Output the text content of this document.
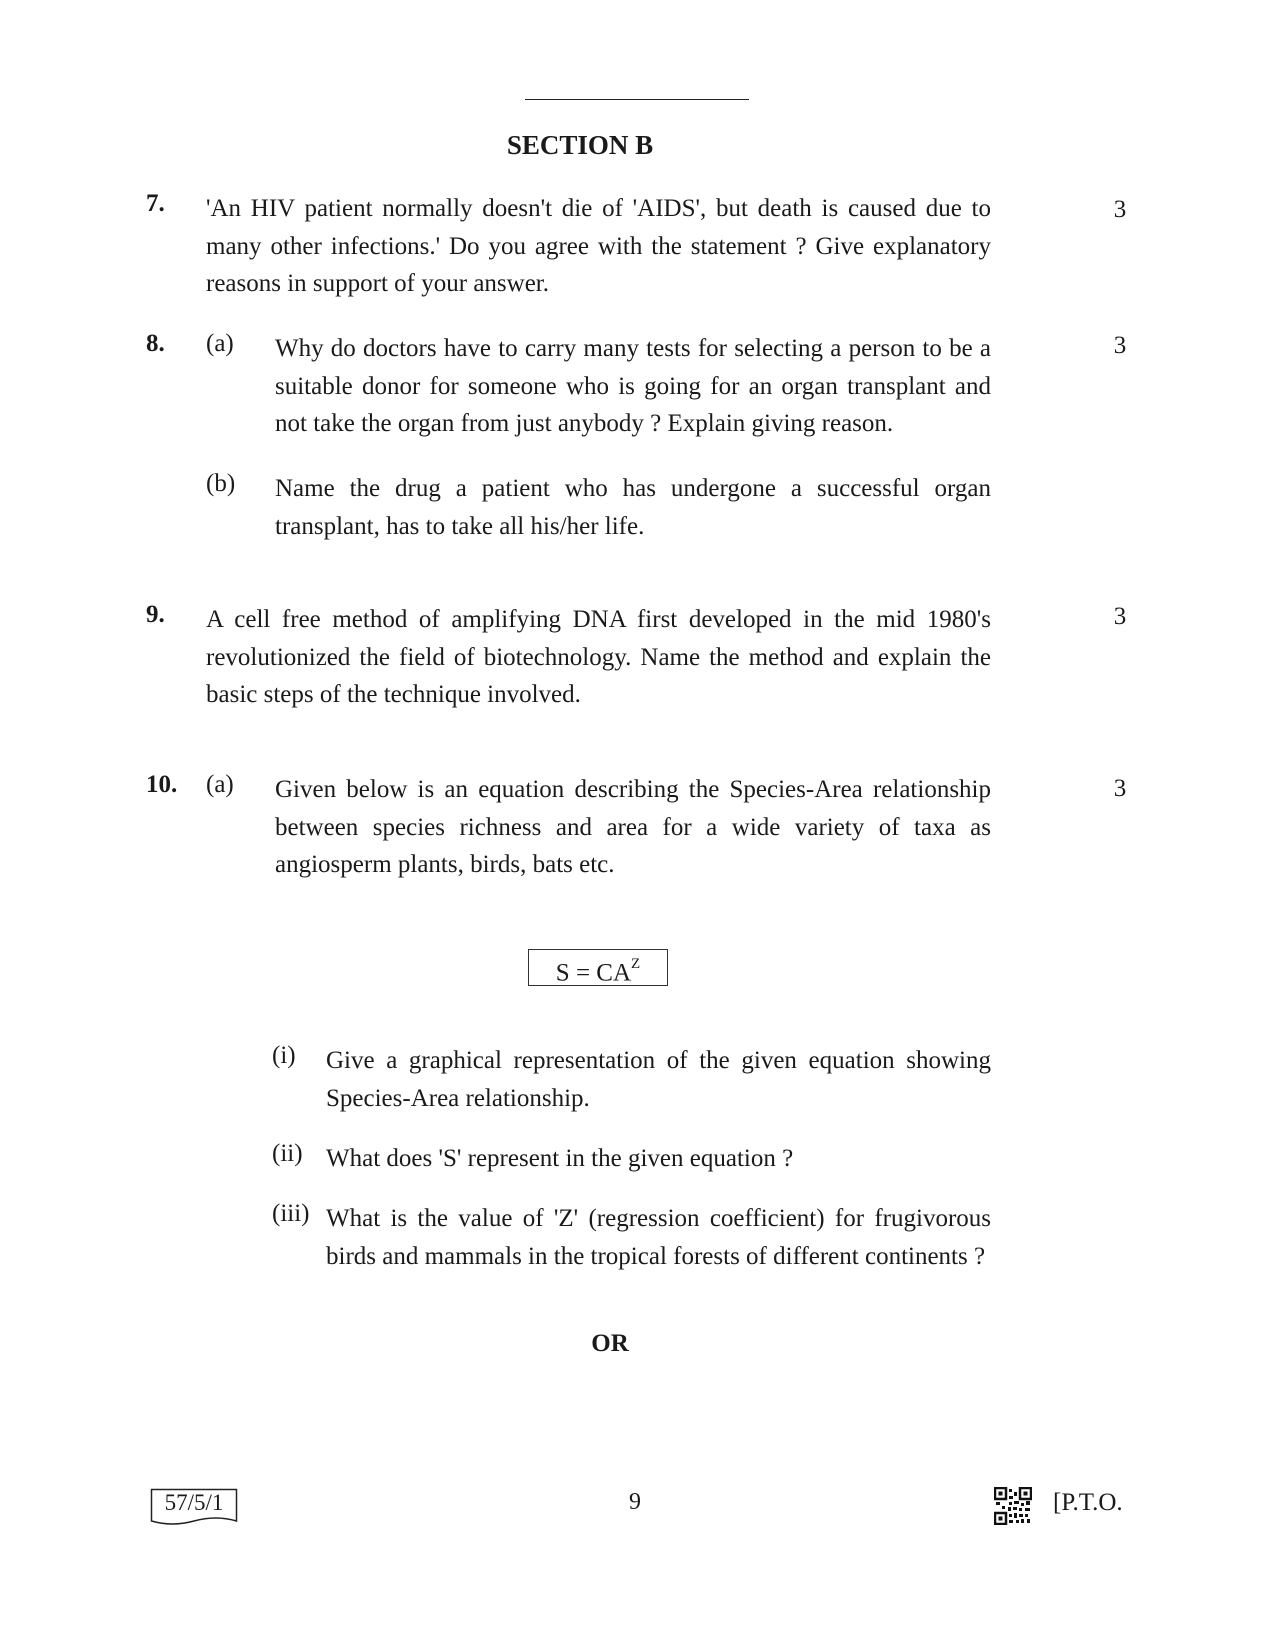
SECTION B
7. 'An HIV patient normally doesn't die of 'AIDS', but death is caused due to many other infections.' Do you agree with the statement ? Give explanatory reasons in support of your answer.
3
8. (a) Why do doctors have to carry many tests for selecting a person to be a suitable donor for someone who is going for an organ transplant and not take the organ from just anybody ? Explain giving reason.
3
(b) Name the drug a patient who has undergone a successful organ transplant, has to take all his/her life.
9. A cell free method of amplifying DNA first developed in the mid 1980's revolutionized the field of biotechnology. Name the method and explain the basic steps of the technique involved.
3
10. (a) Given below is an equation describing the Species-Area relationship between species richness and area for a wide variety of taxa as angiosperm plants, birds, bats etc.
3
$S = CA^Z$
(i) Give a graphical representation of the given equation showing Species-Area relationship.
(ii) What does 'S' represent in the given equation ?
(iii) What is the value of 'Z' (regression coefficient) for frugivorous birds and mammals in the tropical forests of different continents ?
OR
57/5/1	9	[P.T.O.
